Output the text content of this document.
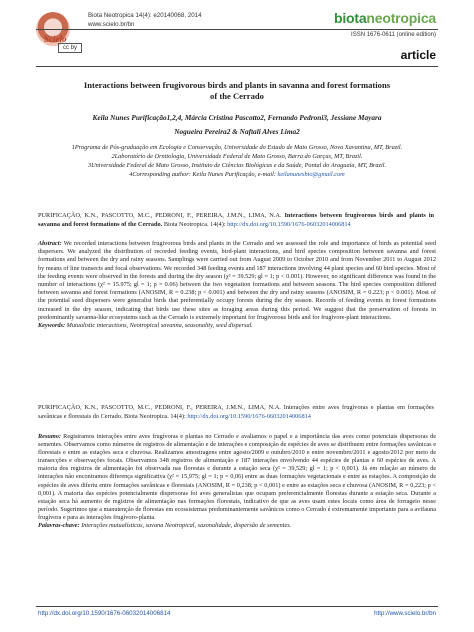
Scielo
cc by
Biota Neotropica 14(4): e20140068, 2014
www.scielo.br/bn	biotaneotropica
ISSN 1676-0611 (online edition)
article
Interactions between frugivorous birds and plants in savanna and forest formations
of the Cerrado
Keila Nunes Purificação1,2,4, Márcia Cristina Pascotto2, Fernando Pedroni3, Jessiane Mayara
Nogueira Pereira2 & Naftali Alves Lima2

1Programa de Pós-graduação em Ecologia e Conservação, Universidade do Estado de Mato Grosso, Nova Xavantina, MT, Brazil.

2Laboratório de Ornitologia, Universidade Federal de Mato Grosso, Barra do Garças, MT, Brazil.

3Universidade Federal de Mato Grosso, Instituto de Ciências Biológicas e da Saúde, Pontal do Araguaia, MT, Brazil.

4Corresponding author: Keila Nunes Purificação, e-mail: keilanunesbio@gmail.com

PURIFICAÇÃO, K.N., PASCOTTO, M.C., PEDRONI, F., PEREIRA, J.M.N., LIMA, N.A. Interactions between frugivorous birds and plants in savanna and forest formations of the Cerrado. Biota Neotropica. 14(4): http://dx.doi.org/10.1590/1676-06032014006814
Abstract: We recorded interactions between frugivorous birds and plants in the Cerrado and we assessed the role and importance of birds as potential seed dispersers. We analyzed the distribution of recorded feeding events, bird-plant interactions, and bird species composition between savanna and forest formations and between the dry and rainy seasons. Samplings were carried out from August 2009 to October 2010 and from November 2011 to August 2012 by means of line transects and focal observations. We recorded 348 feeding events and 187 interactions involving 44 plant species and 60 bird species. Most of the feeding events were observed in the forests and during the dry season (χ² = 39.529; gl = 1; p < 0.001). However, no significant difference was found in the number of interactions (χ² = 15.975; gl = 1; p = 0.06) between the two vegetation formations and between seasons. The bird species composition differed between savanna and forest formations (ANOSIM, R = 0.238; p < 0.001) and between the dry and rainy seasons (ANOSIM, R = 0.223; p < 0.001). Most of the potential seed dispersers were generalist birds that preferentially occupy forests during the dry season. Records of feeding events in forest formations increased in the dry season, indicating that birds use these sites as foraging areas during this period. We suggest that the preservation of forests in predominantly savanna-like ecosystems such as the Cerrado is extremely important for frugivorous birds and for frugivore-plant interactions.
Keywords: Mutualistic interactions, Neotropical savanna, seasonality, seed dispersal.
PURIFICAÇÃO, K.N., PASCOTTO, M.C., PEDRONI, F., PEREIRA, J.M.N., LIMA, N.A. Interações entre aves frugívoras e plantas em formações savânicas e florestais do Cerrado. Biota Neotropica. 14(4): http://dx.doi.org/10.1590/1676-06032014006814
Resumo: Registramos interações entre aves frugívoras e plantas no Cerrado e avaliamos o papel e a importância das aves como potenciais dispersoras de sementes. Observamos como números de registros de alimentação e de interações e composição de espécies de aves se distribuem entre formações savânicas e florestais e entre as estações seca e chuvosa. Realizamos amostragens entre agosto/2009 e outubro/2010 e entre novembro/2011 e agosto/2012 por meio de transecções e observações focais. Observamos 348 registros de alimentação e 187 interações envolvendo 44 espécies de plantas e 60 espécies de aves. A maioria dos registros de alimentação foi observada nas florestas e durante a estação seca (χ² = 39,529; gl = 1; p < 0,001). Já em relação ao número de interações não encontramos diferença significativa (χ² = 15,975; gl = 1; p = 0,06) entre as duas formações vegetacionais e entre as estações. A composição de espécies de aves diferiu entre formações savânicas e florestais (ANOSIM, R = 0,238; p < 0,001) e entre as estações seca e chuvosa (ANOSIM, R = 0,223; p < 0,001). A maioria das espécies potencialmente dispersoras foi aves generalistas que ocupam preferencialmente florestas durante a estação seca. Durante a estação seca há aumento de registros de alimentação nas formações florestais, indicativo de que as aves usam estes locais como área de forrageio nesse período. Sugerimos que a manutenção de florestas em ecossistemas predominantemente savânicos como o Cerrado é extremamente importante para a avifauna frugívora e para as interações frugívoro-planta.
Palavras-chave: Interações mutualísticas, savana Neotropical, sazonalidade, dispersão de sementes.
http://dx.doi.org/10.1590/1676-06032014006814	http://www.scielo.br/bn
